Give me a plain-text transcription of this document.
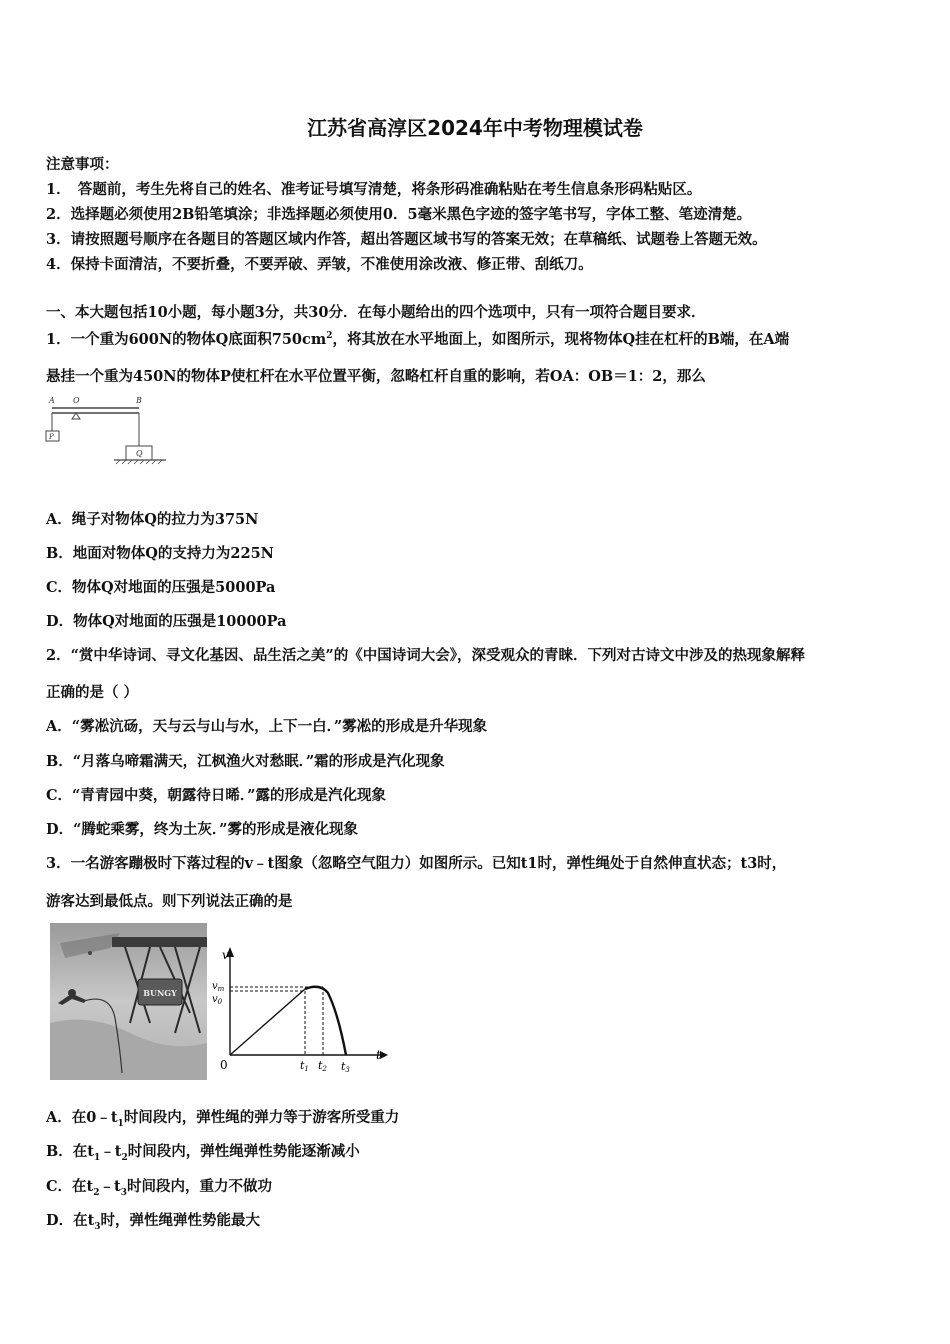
江苏省高淳区2024年中考物理模试卷
注意事项：
1．　答题前，考生先将自己的姓名、准考证号填写清楚，将条形码准确粘贴在考生信息条形码粘贴区。
2．选择题必须使用2B铅笔填涂；非选择题必须使用0．5毫米黑色字迹的签字笔书写，字体工整、笔迹清楚。
3．请按照题号顺序在各题目的答题区域内作答，超出答题区域书写的答案无效；在草稿纸、试题卷上答题无效。
4．保持卡面清洁，不要折叠，不要弄破、弄皱，不准使用涂改液、修正带、刮纸刀。
一、本大题包括10小题，每小题3分，共30分．在每小题给出的四个选项中，只有一项符合题目要求．
1．一个重为600N的物体Q底面积$750cm^2$，将其放在水平地面上，如图所示，现将物体Q挂在杠杆的B端，在A端
悬挂一个重为450N的物体P使杠杆在水平位置平衡，忽略杠杆自重的影响，若OA：OB＝1：2，那么
A O	B
P
Q
A．绳子对物体Q的拉力为375N
B．地面对物体Q的支持力为225N
C．物体Q对地面的压强是5000Pa
D．物体Q对地面的压强是10000Pa
2．“赏中华诗词、寻文化基因、品生活之美”的《中国诗词大会》，深受观众的青睐．下列对古诗文中涉及的热现象解释
正确的是（ ）
A．“雾凇沆砀，天与云与山与水，上下一白．”雾凇的形成是升华现象
B．“月落乌啼霜满天，江枫渔火对愁眠．”霜的形成是汽化现象
C．“青青园中葵，朝露待日晞．”露的形成是汽化现象
D．“腾蛇乘雾，终为土灰．”雾的形成是液化现象
3．一名游客蹦极时下落过程的v﹣t图象（忽略空气阻力）如图所示。已知t1时，弹性绳处于自然伸直状态；t3时，
游客达到最低点。则下列说法正确的是
BUNGY
v
t
0
$v_m$
$v_0$
t1 t2 t3
A．在$0﹣t_1$时间段内，弹性绳的弹力等于游客所受重力
B．在$t_1﹣t_2$时间段内，弹性绳弹性势能逐渐减小
C．在$t_2﹣t_3$时间段内，重力不做功
D．在$t_3$时，弹性绳弹性势能最大
